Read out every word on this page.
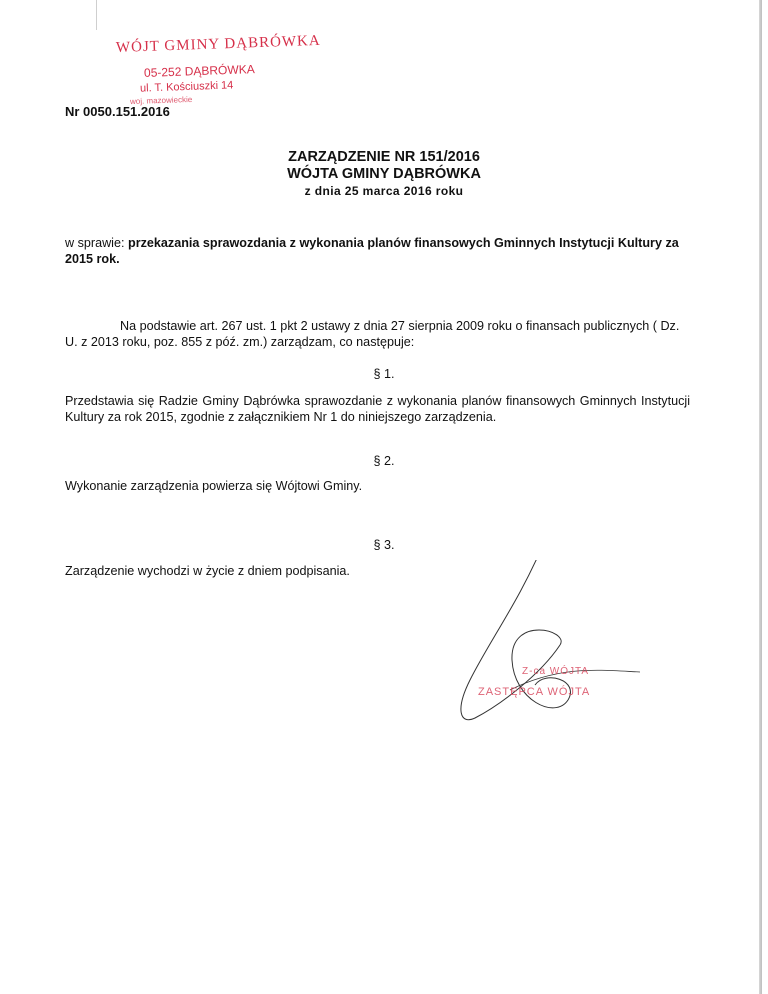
WÓJT GMINY DĄBRÓWKA
05-252 DĄBRÓWKA
ul. T. Kościuszki 14
woj. mazowieckie
Nr 0050.151.2016
ZARZĄDZENIE NR 151/2016
WÓJTA GMINY DĄBRÓWKA
z dnia 25 marca 2016 roku
w sprawie: przekazania sprawozdania z wykonania planów finansowych Gminnych Instytucji Kultury za 2015 rok.
Na podstawie art. 267 ust. 1 pkt 2 ustawy z dnia 27 sierpnia 2009 roku o finansach publicznych ( Dz. U. z 2013 roku, poz. 855 z póź. zm.) zarządzam, co następuje:
§ 1.
Przedstawia się Radzie Gminy Dąbrówka sprawozdanie z wykonania planów finansowych Gminnych Instytucji Kultury za rok 2015, zgodnie z załącznikiem Nr 1 do niniejszego zarządzenia.
§ 2.
Wykonanie zarządzenia powierza się Wójtowi Gminy.
§ 3.
Zarządzenie wychodzi w życie z dniem podpisania.
Z-ca WÓJTA
ZASTĘPCA WÓJTA
